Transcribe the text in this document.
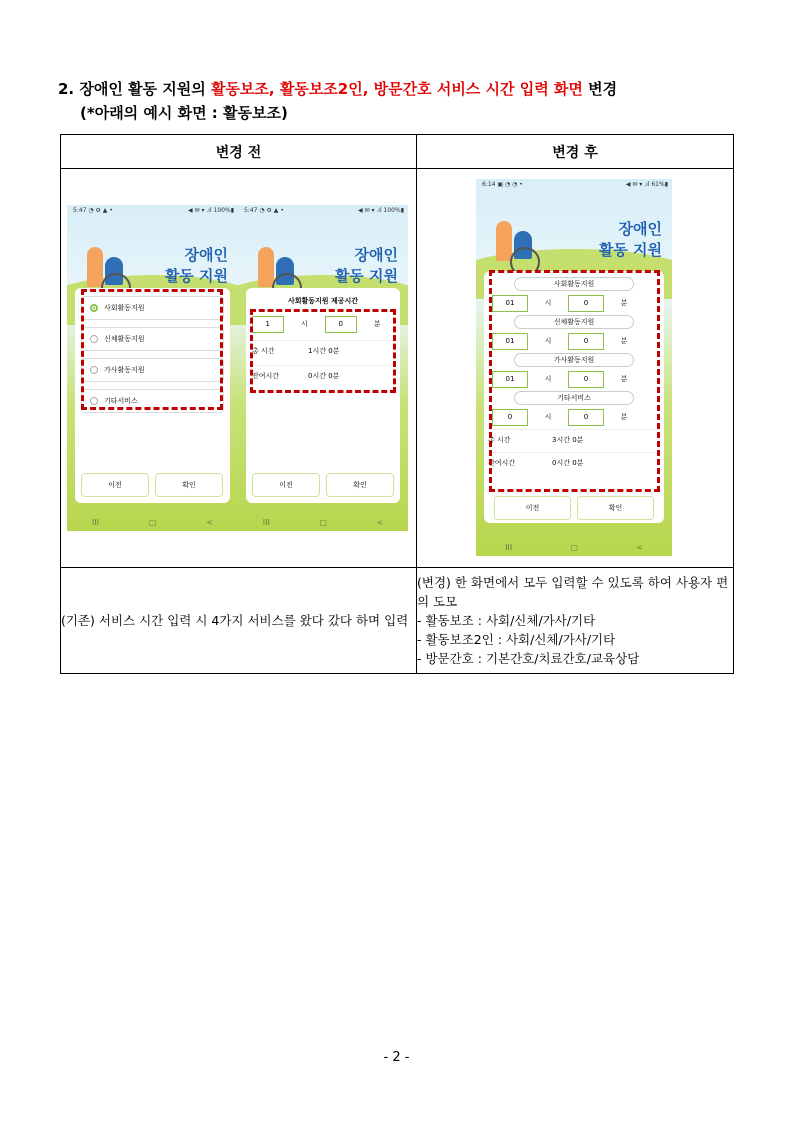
2. 장애인 활동 지원의 활동보조, 활동보조2인, 방문간호 서비스 시간 입력 화면 변경
(*아래의 예시 화면 : 활동보조)
변경 전	변경 후

(기존) 서비스 시간 입력 시 4가지 서비스를 왔다 갔다 하며 입력	(변경) 한 화면에서 모두 입력할 수 있도록 하여 사용자 편의 도모
- 활동보조 : 사회/신체/가사/기타
- 활동보조2인 : 사회/신체/가사/기타
- 방문간호 : 기본간호/치료간호/교육상담
5:47 ◔ ⚙ ▲ •	◀ ✉ ▾ .ıl 100%▮
장애인
활동 지원
사회활동지원
신체활동지원
가사활동지원
기타서비스
이전	확인
III	▢	<
5:47 ◔ ⚙ ▲ •	◀ ✉ ▾ .ıl 100%▮
장애인
활동 지원
사회활동지원 제공시간
1	시	0	분
총 시간	1시간 0분
잔여시간	0시간 0분
이전	확인
III	▢	<
6:14 ▣ ◔ ◔ •	◀ ✉ ▾ .ıl 61%▮
장애인
활동 지원
사회활동지원
01	시	0	분
신체활동지원
01	시	0	분
가사활동지원
01	시	0	분
기타서비스
0	시	0	분
총 시간	3시간 0분
잔여시간	0시간 0분
이전	확인
III	▢	<
- 2 -
